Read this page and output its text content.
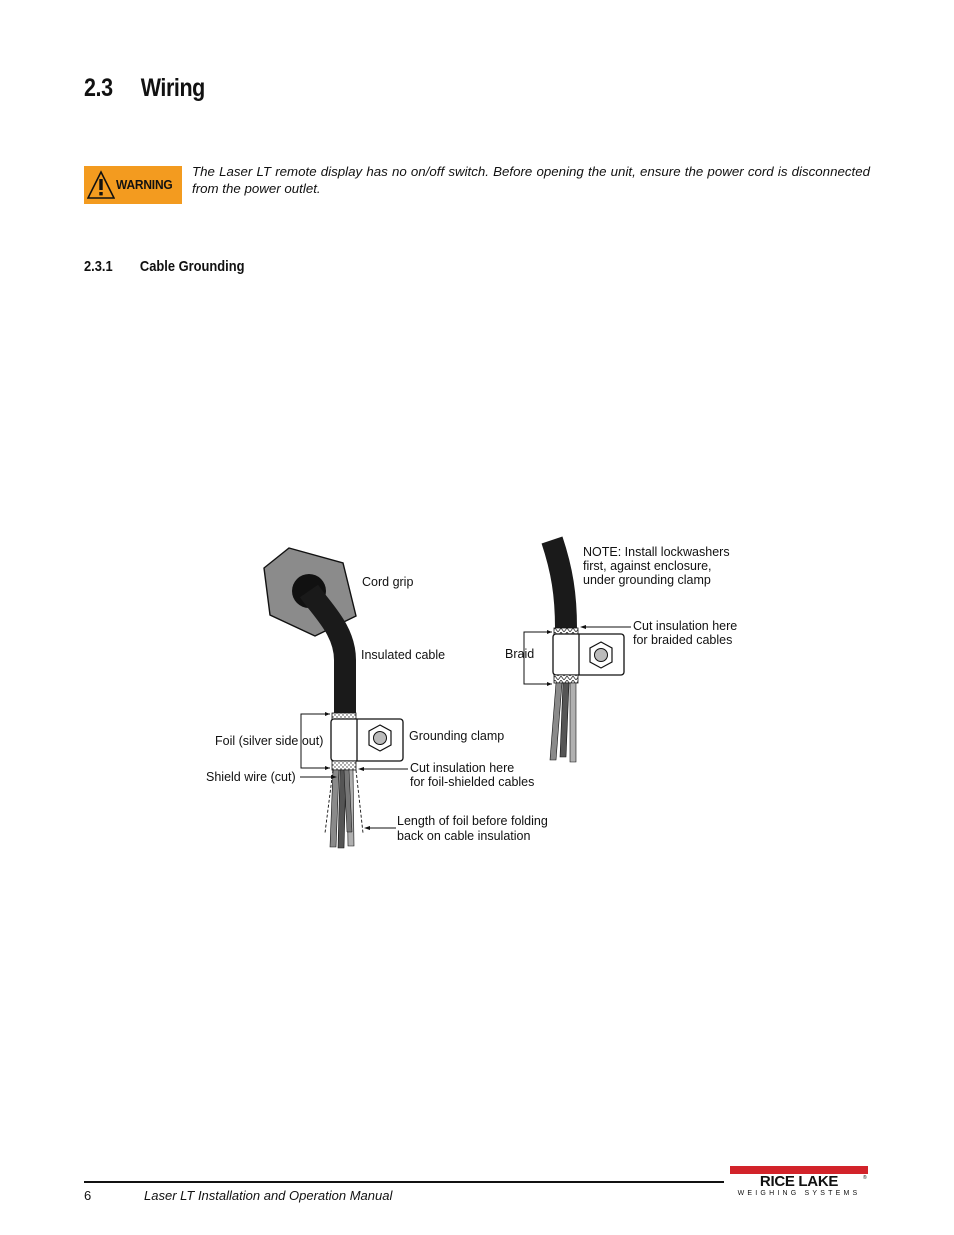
2.3 Wiring
WARNING
The Laser LT remote display has no on/off switch. Before opening the unit, ensure the power cord is disconnected from the power outlet.
2.3.1 Cable Grounding
Cord grip
Insulated cable
Grounding clamp
Foil (silver side out)
Shield wire (cut)
Cut insulation here
for foil-shielded cables
Length of foil before folding
back on cable insulation
NOTE: Install lockwashers
first, against enclosure,
under grounding clamp
Cut insulation here
for braided cables
Braid
6	Laser LT Installation and Operation Manual
RICE LAKE	®
WEIGHING SYSTEMS
